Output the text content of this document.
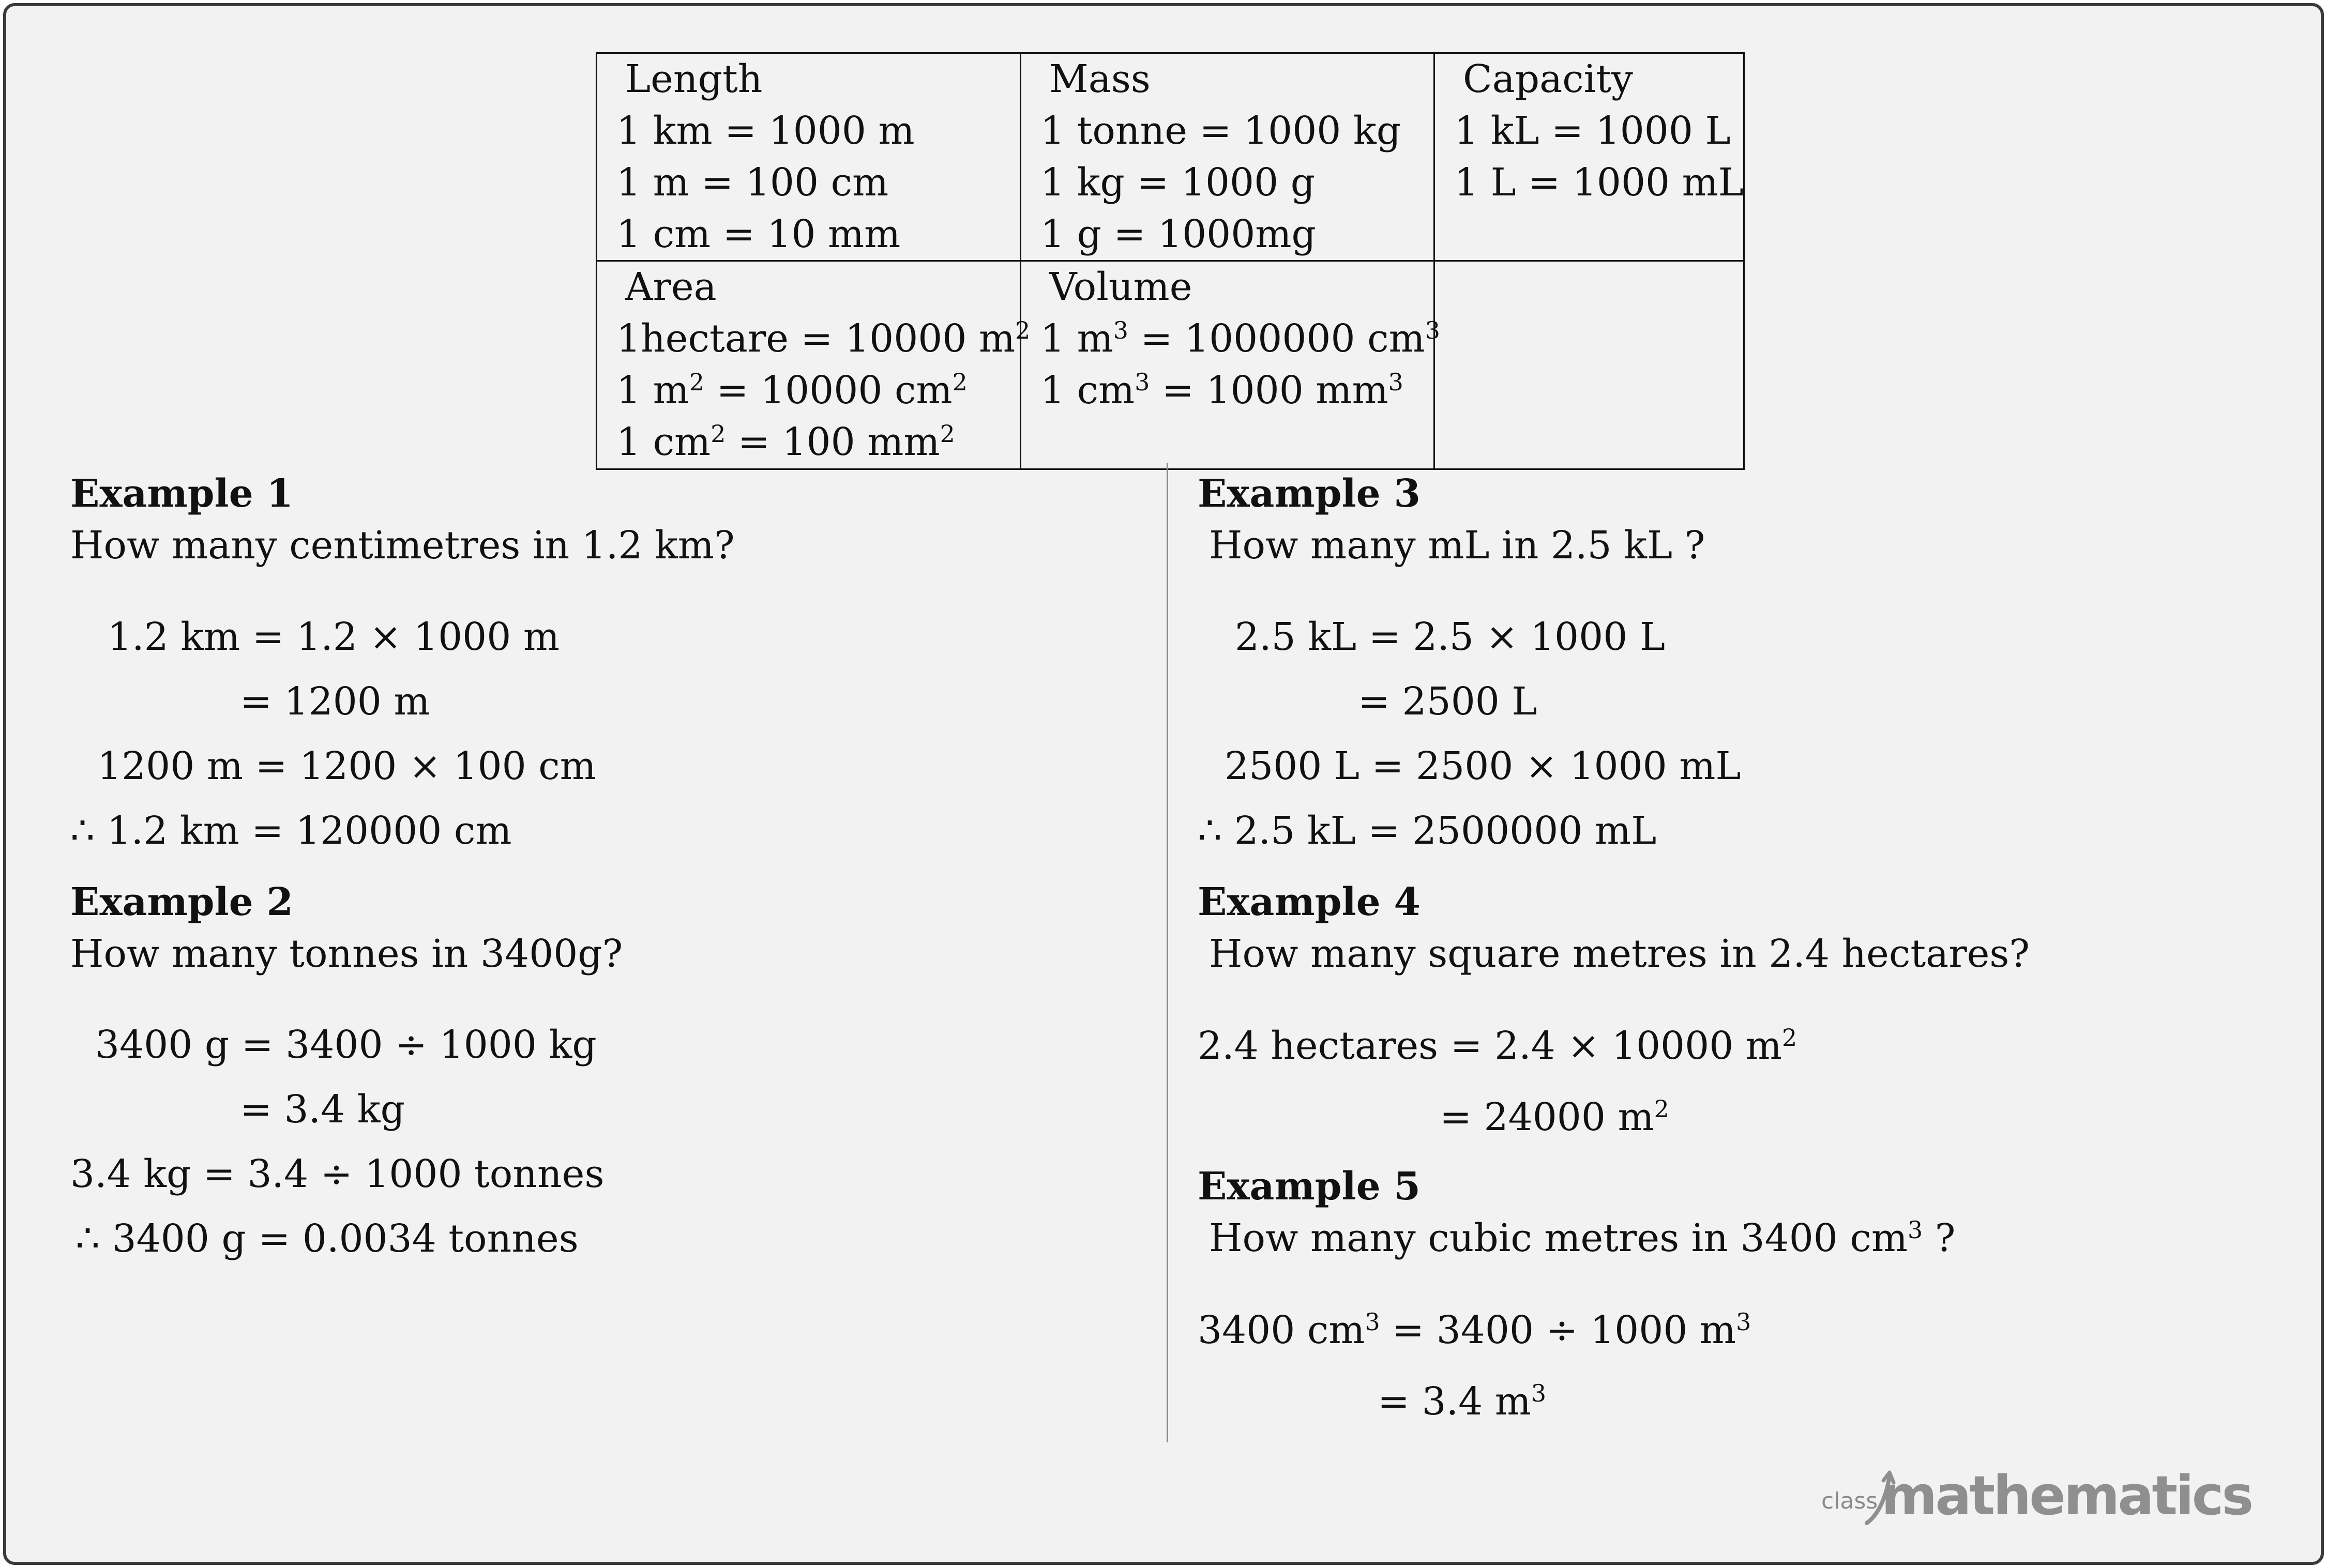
Length
1 km = 1000 m
1 m = 100 cm
1 cm = 10 mm
Mass
1 tonne = 1000 kg
1 kg = 1000 g
1 g = 1000mg
Capacity
1 kL = 1000 L
1 L = 1000 mL
Area
1hectare = 10000 $m^2$
1 $m^2 = 10000$ $cm^2$
1 $cm^2 = 100$ $mm^2$
Volume
1 $m^3 = 1000000$ $cm^3$
1 $cm^3 = 1000$ $mm^3$
Example 1
How many centimetres in 1.2 km?
1.2 km = 1.2 × 1000 m
= 1200 m
1200 m = 1200 × 100 cm
∴ 1.2 km = 120000 cm
Example 2
How many tonnes in 3400g?
3400 g = 3400 ÷ 1000 kg
= 3.4 kg
3.4 kg = 3.4 ÷ 1000 tonnes
∴ 3400 g = 0.0034 tonnes
Example 3
How many mL in 2.5 kL ?
2.5 kL = 2.5 × 1000 L
= 2500 L
2500 L = 2500 × 1000 mL
∴ 2.5 kL = 2500000 mL
Example 4
How many square metres in 2.4 hectares?
2.4 hectares = 2.4 × 10000 $m^2$
= 24000 $m^2$
Example 5
How many cubic metres in 3400 $cm^3$ ?
3400 $cm^3 = 3400 \div 1000$ $m^3$
= 3.4 $m^3$
class mathematics
